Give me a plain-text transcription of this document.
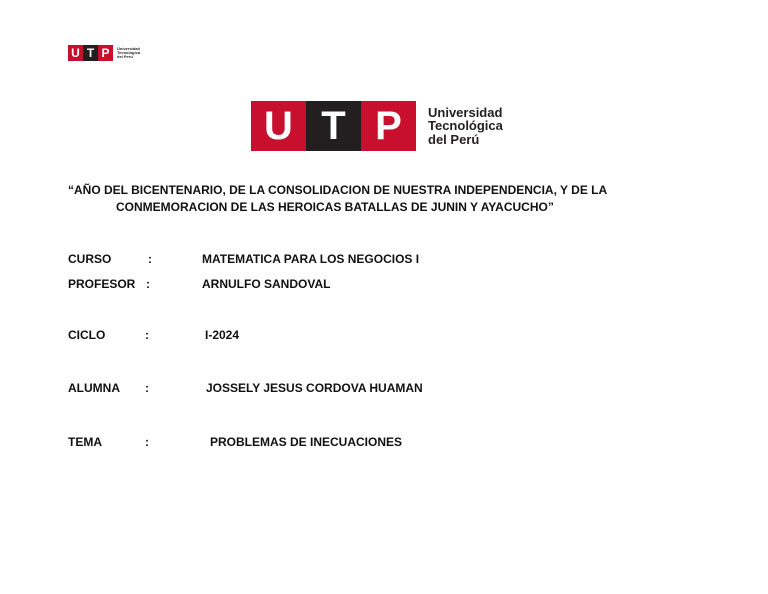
U T P	Universidad
Tecnológica
del Perú
U T P	Universidad
Tecnológica
del Perú
“AÑO DEL BICENTENARIO, DE LA CONSOLIDACION DE NUESTRA INDEPENDENCIA, Y DE LA
CONMEMORACION DE LAS HEROICAS BATALLAS DE JUNIN Y AYACUCHO”
CURSO	:	MATEMATICA PARA LOS NEGOCIOS I
PROFESOR :	ARNULFO SANDOVAL
CICLO	:	I-2024
ALUMNA :	JOSSELY JESUS CORDOVA HUAMAN
TEMA	:	PROBLEMAS DE INECUACIONES
